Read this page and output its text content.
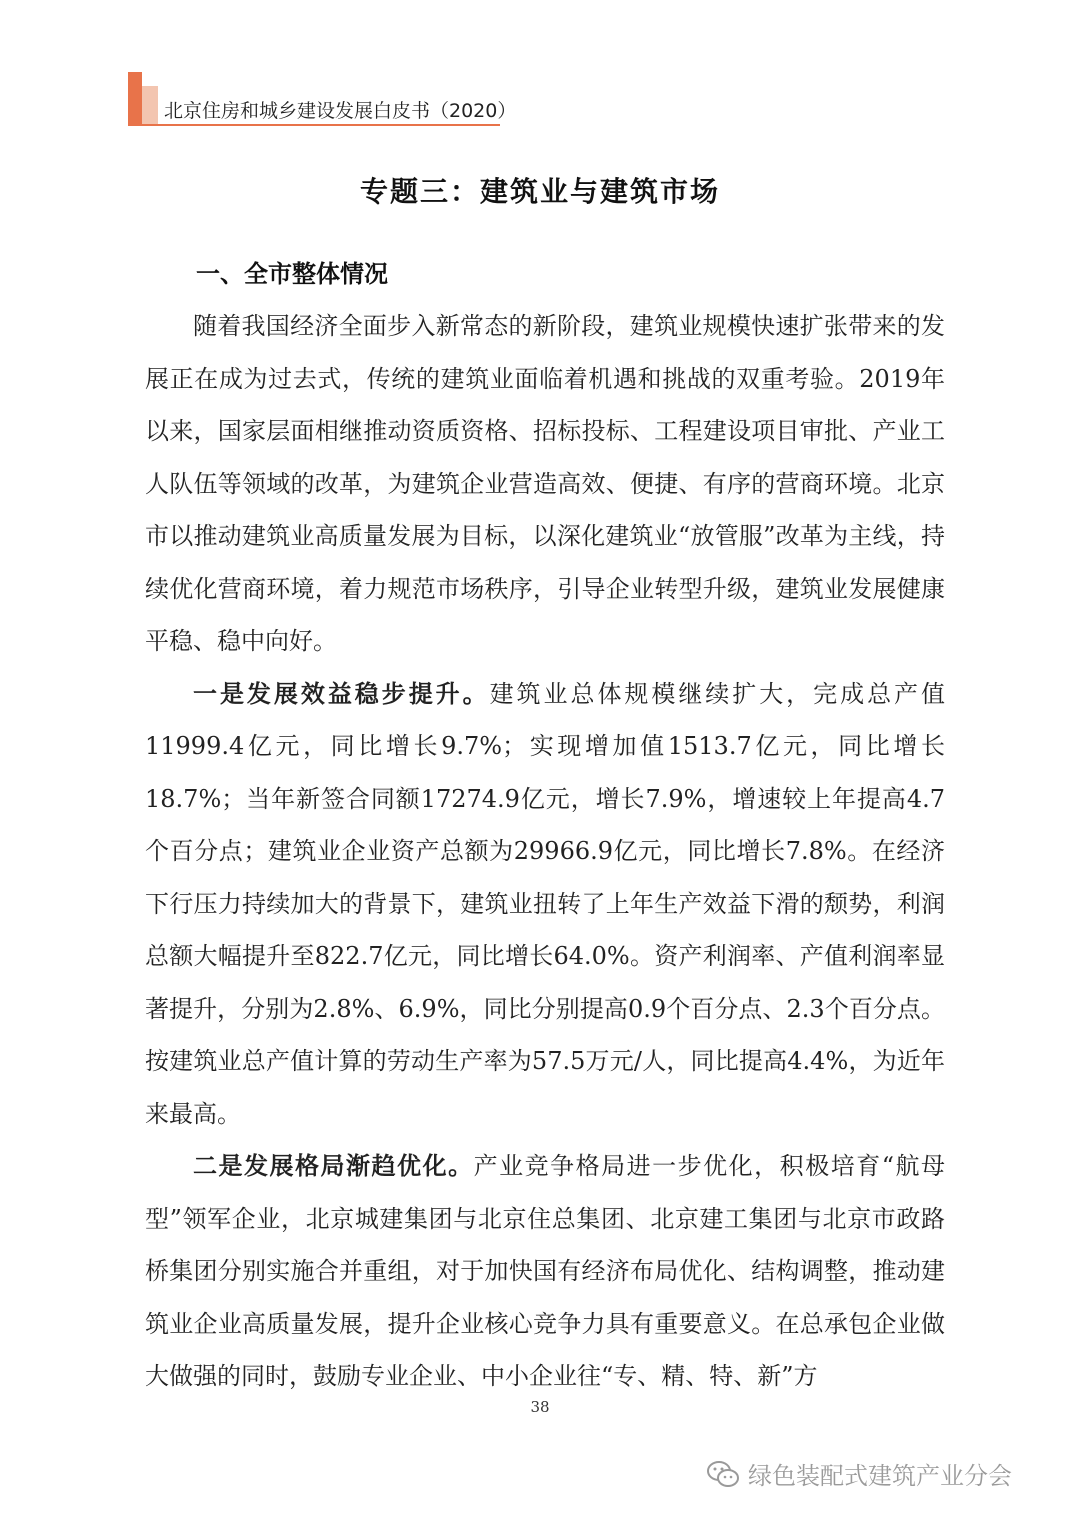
北京住房和城乡建设发展白皮书（2020）
专题三：建筑业与建筑市场
一、全市整体情况

随着我国经济全面步入新常态的新阶段，建筑业规模快速扩张带来的发展正在成为过去式，传统的建筑业面临着机遇和挑战的双重考验。2019年以来，国家层面相继推动资质资格、招标投标、工程建设项目审批、产业工人队伍等领域的改革，为建筑企业营造高效、便捷、有序的营商环境。北京市以推动建筑业高质量发展为目标，以深化建筑业“放管服”改革为主线，持续优化营商环境，着力规范市场秩序，引导企业转型升级，建筑业发展健康平稳、稳中向好。

一是发展效益稳步提升。建筑业总体规模继续扩大，完成总产值11999.4亿元，同比增长9.7%；实现增加值1513.7亿元，同比增长18.7%；当年新签合同额17274.9亿元，增长7.9%，增速较上年提高4.7个百分点；建筑业企业资产总额为29966.9亿元，同比增长7.8%。在经济下行压力持续加大的背景下，建筑业扭转了上年生产效益下滑的颓势，利润总额大幅提升至822.7亿元，同比增长64.0%。资产利润率、产值利润率显著提升，分别为2.8%、6.9%，同比分别提高0.9个百分点、2.3个百分点。按建筑业总产值计算的劳动生产率为57.5万元/人，同比提高4.4%，为近年来最高。

二是发展格局渐趋优化。产业竞争格局进一步优化，积极培育“航母型”领军企业，北京城建集团与北京住总集团、北京建工集团与北京市政路桥集团分别实施合并重组，对于加快国有经济布局优化、结构调整，推动建筑业企业高质量发展，提升企业核心竞争力具有重要意义。在总承包企业做大做强的同时，鼓励专业企业、中小企业往“专、精、特、新”方

38
绿色装配式建筑产业分会
